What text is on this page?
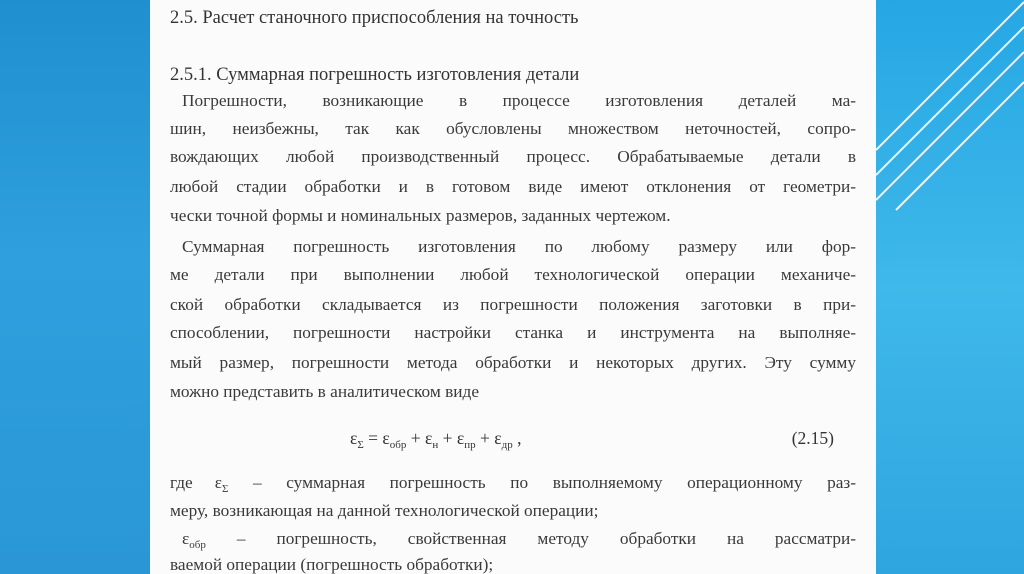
2.5. Расчет станочного приспособления на точность
2.5.1. Суммарная погрешность изготовления детали
Погрешности, возникающие в процессе изготовления деталей ма-
шин, неизбежны, так как обусловлены множеством неточностей, сопро-
вождающих любой производственный процесс. Обрабатываемые детали в
любой стадии обработки и в готовом виде имеют отклонения от геометри-
чески точной формы и номинальных размеров, заданных чертежом.
Суммарная погрешность изготовления по любому размеру или фор-
ме детали при выполнении любой технологической операции механиче-
ской обработки складывается из погрешности положения заготовки в при-
способлении, погрешности настройки станка и инструмента на выполняе-
мый размер, погрешности метода обработки и некоторых других. Эту сумму
можно представить в аналитическом виде
$\varepsilon_\Sigma = \varepsilon_{обр} + \varepsilon_н + \varepsilon_{пр} + \varepsilon_{др}$ ,	(2.15)
где $\varepsilon_\Sigma$ – суммарная погрешность по выполняемому операционному раз-
меру, возникающая на данной технологической операции;
$\varepsilon_{обр}$ – погрешность, свойственная методу обработки на рассматри-
ваемой операции (погрешность обработки);
